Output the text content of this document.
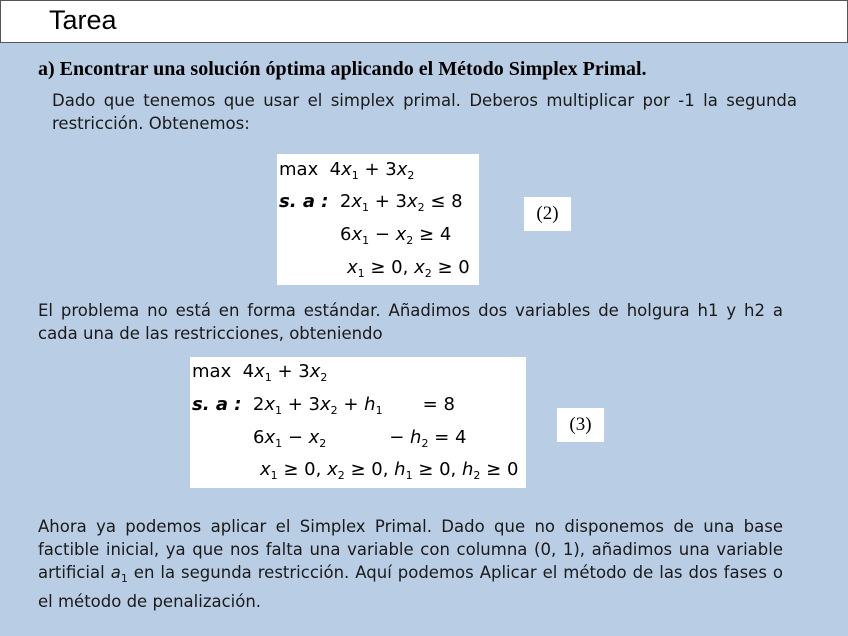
Tarea
a) Encontrar una solución óptima aplicando el Método Simplex Primal.
Dado que tenemos que usar el simplex primal. Deberos multiplicar por -1 la segunda restricción. Obtenemos:
$\max 4x_1 + 3x_2$
s. a :  $2x_1 + 3x_2 \le 8$
$6x_1 - x_2 \ge 4$
$x_1 \ge 0$, $x_2 \ge 0$
(2)
El problema no está en forma estándar. Añadimos dos variables de holgura h1 y h2 a cada una de las restricciones, obteniendo
$\max 4x_1 + 3x_2$
s. a :  $2x_1 + 3x_2 + h_1$       = 8
$6x_1 - x_2$           − $h_2 = 4$
$x_1 \ge 0$, $x_2 \ge 0$, $h_1 \ge 0$, $h_2 \ge 0$
(3)
Ahora ya podemos aplicar el Simplex Primal. Dado que no disponemos de una base factible inicial, ya que nos falta una variable con columna (0, 1), añadimos una variable artificial $a_1$ en la segunda restricción. Aquí podemos Aplicar el método de las dos fases o el método de penalización.
